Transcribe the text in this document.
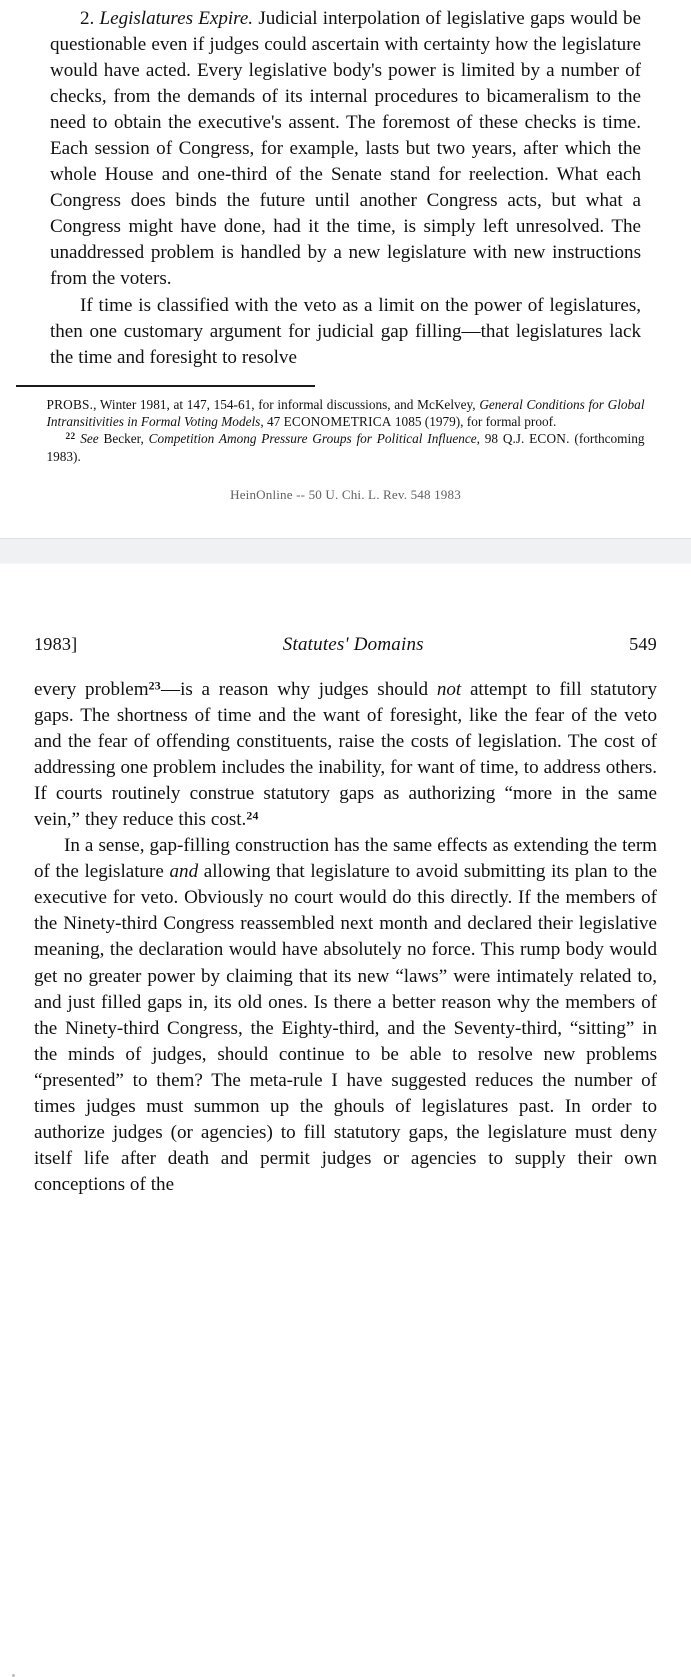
2. Legislatures Expire. Judicial interpolation of legislative gaps would be questionable even if judges could ascertain with certainty how the legislature would have acted. Every legislative body's power is limited by a number of checks, from the demands of its internal procedures to bicameralism to the need to obtain the executive's assent. The foremost of these checks is time. Each session of Congress, for example, lasts but two years, after which the whole House and one-third of the Senate stand for reelection. What each Congress does binds the future until another Congress acts, but what a Congress might have done, had it the time, is simply left unresolved. The unaddressed problem is handled by a new legislature with new instructions from the voters.

If time is classified with the veto as a limit on the power of legislatures, then one customary argument for judicial gap filling—that legislatures lack the time and foresight to resolve

PROBS., Winter 1981, at 147, 154-61, for informal discussions, and McKelvey, General Conditions for Global Intransitivities in Formal Voting Models, 47 ECONOMETRICA 1085 (1979), for formal proof.

$^{22}$ See Becker, Competition Among Pressure Groups for Political Influence, 98 Q.J. ECON. (forthcoming 1983).

HeinOnline -- 50 U. Chi. L. Rev. 548 1983
1983]	Statutes' Domains	549

every problem$^{23}$—is a reason why judges should not attempt to fill statutory gaps. The shortness of time and the want of foresight, like the fear of the veto and the fear of offending constituents, raise the costs of legislation. The cost of addressing one problem includes the inability, for want of time, to address others. If courts routinely construe statutory gaps as authorizing “more in the same vein,” they reduce this cost.$^{24}$

In a sense, gap-filling construction has the same effects as extending the term of the legislature and allowing that legislature to avoid submitting its plan to the executive for veto. Obviously no court would do this directly. If the members of the Ninety-third Congress reassembled next month and declared their legislative meaning, the declaration would have absolutely no force. This rump body would get no greater power by claiming that its new “laws” were intimately related to, and just filled gaps in, its old ones. Is there a better reason why the members of the Ninety-third Congress, the Eighty-third, and the Seventy-third, “sitting” in the minds of judges, should continue to be able to resolve new problems “presented” to them? The meta-rule I have suggested reduces the number of times judges must summon up the ghouls of legislatures past. In order to authorize judges (or agencies) to fill statutory gaps, the legislature must deny itself life after death and permit judges or agencies to supply their own conceptions of the
